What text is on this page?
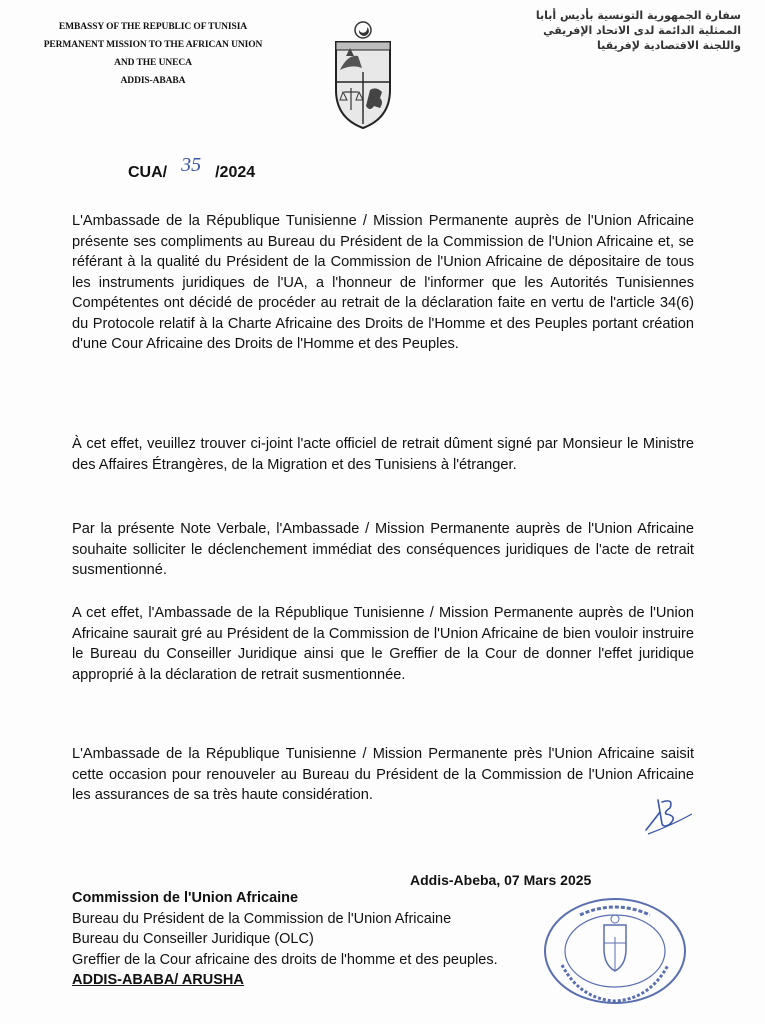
EMBASSY OF THE REPUBLIC OF TUNISIA
PERMANENT MISSION TO THE AFRICAN UNION
AND THE UNECA
ADDIS-ABABA
سفارة الجمهورية التونسية بأديس أبابا
الممثلية الدائمة لدى الاتحاد الإفريقي
واللجنة الاقتصادية لإفريقيا
CUA/ 35 /2024

L'Ambassade de la République Tunisienne / Mission Permanente auprès de l'Union Africaine présente ses compliments au Bureau du Président de la Commission de l'Union Africaine et, se référant à la qualité du Président de la Commission de l'Union Africaine de dépositaire de tous les instruments juridiques de l'UA, a l'honneur de l'informer que les Autorités Tunisiennes Compétentes ont décidé de procéder au retrait de la déclaration faite en vertu de l'article 34(6) du Protocole relatif à la Charte Africaine des Droits de l'Homme et des Peuples portant création d'une Cour Africaine des Droits de l'Homme et des Peuples.

À cet effet, veuillez trouver ci-joint l'acte officiel de retrait dûment signé par Monsieur le Ministre des Affaires Étrangères, de la Migration et des Tunisiens à l'étranger.

Par la présente Note Verbale, l'Ambassade / Mission Permanente auprès de l'Union Africaine souhaite solliciter le déclenchement immédiat des conséquences juridiques de l'acte de retrait susmentionné.

A cet effet, l'Ambassade de la République Tunisienne / Mission Permanente auprès de l'Union Africaine saurait gré au Président de la Commission de l'Union Africaine de bien vouloir instruire le Bureau du Conseiller Juridique ainsi que le Greffier de la Cour de donner l'effet juridique approprié à la déclaration de retrait susmentionnée.

L'Ambassade de la République Tunisienne / Mission Permanente près l'Union Africaine saisit cette occasion pour renouveler au Bureau du Président de la Commission de l'Union Africaine les assurances de sa très haute considération.

Addis-Abeba, 07 Mars 2025
Commission de l'Union Africaine
Bureau du Président de la Commission de l'Union Africaine
Bureau du Conseiller Juridique (OLC)
Greffier de la Cour africaine des droits de l'homme et des peuples.
ADDIS-ABABA/ ARUSHA
